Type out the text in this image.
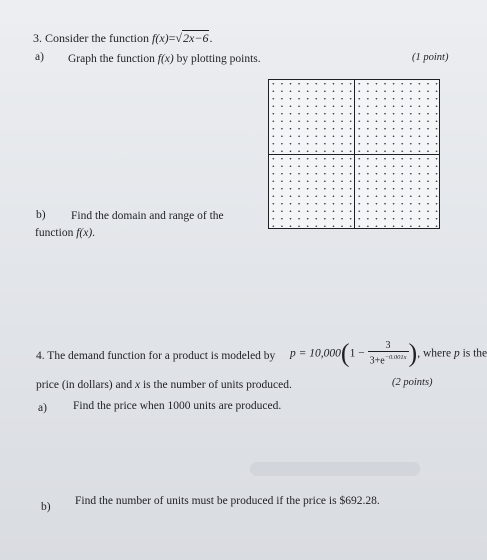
3. Consider the function f(x)=√2x−6.
a) Graph the function f(x) by plotting points.	(1 point)
b) Find the domain and range of the
function f(x).
4. The demand function for a product is modeled by $p = 10,000(1 - \frac{3}{3+e^{-0.001x}}$ ), where p is the
price (in dollars) and x is the number of units produced.	(2 points)
a) Find the price when 1000 units are produced.
b) Find the number of units must be produced if the price is $692.28.
